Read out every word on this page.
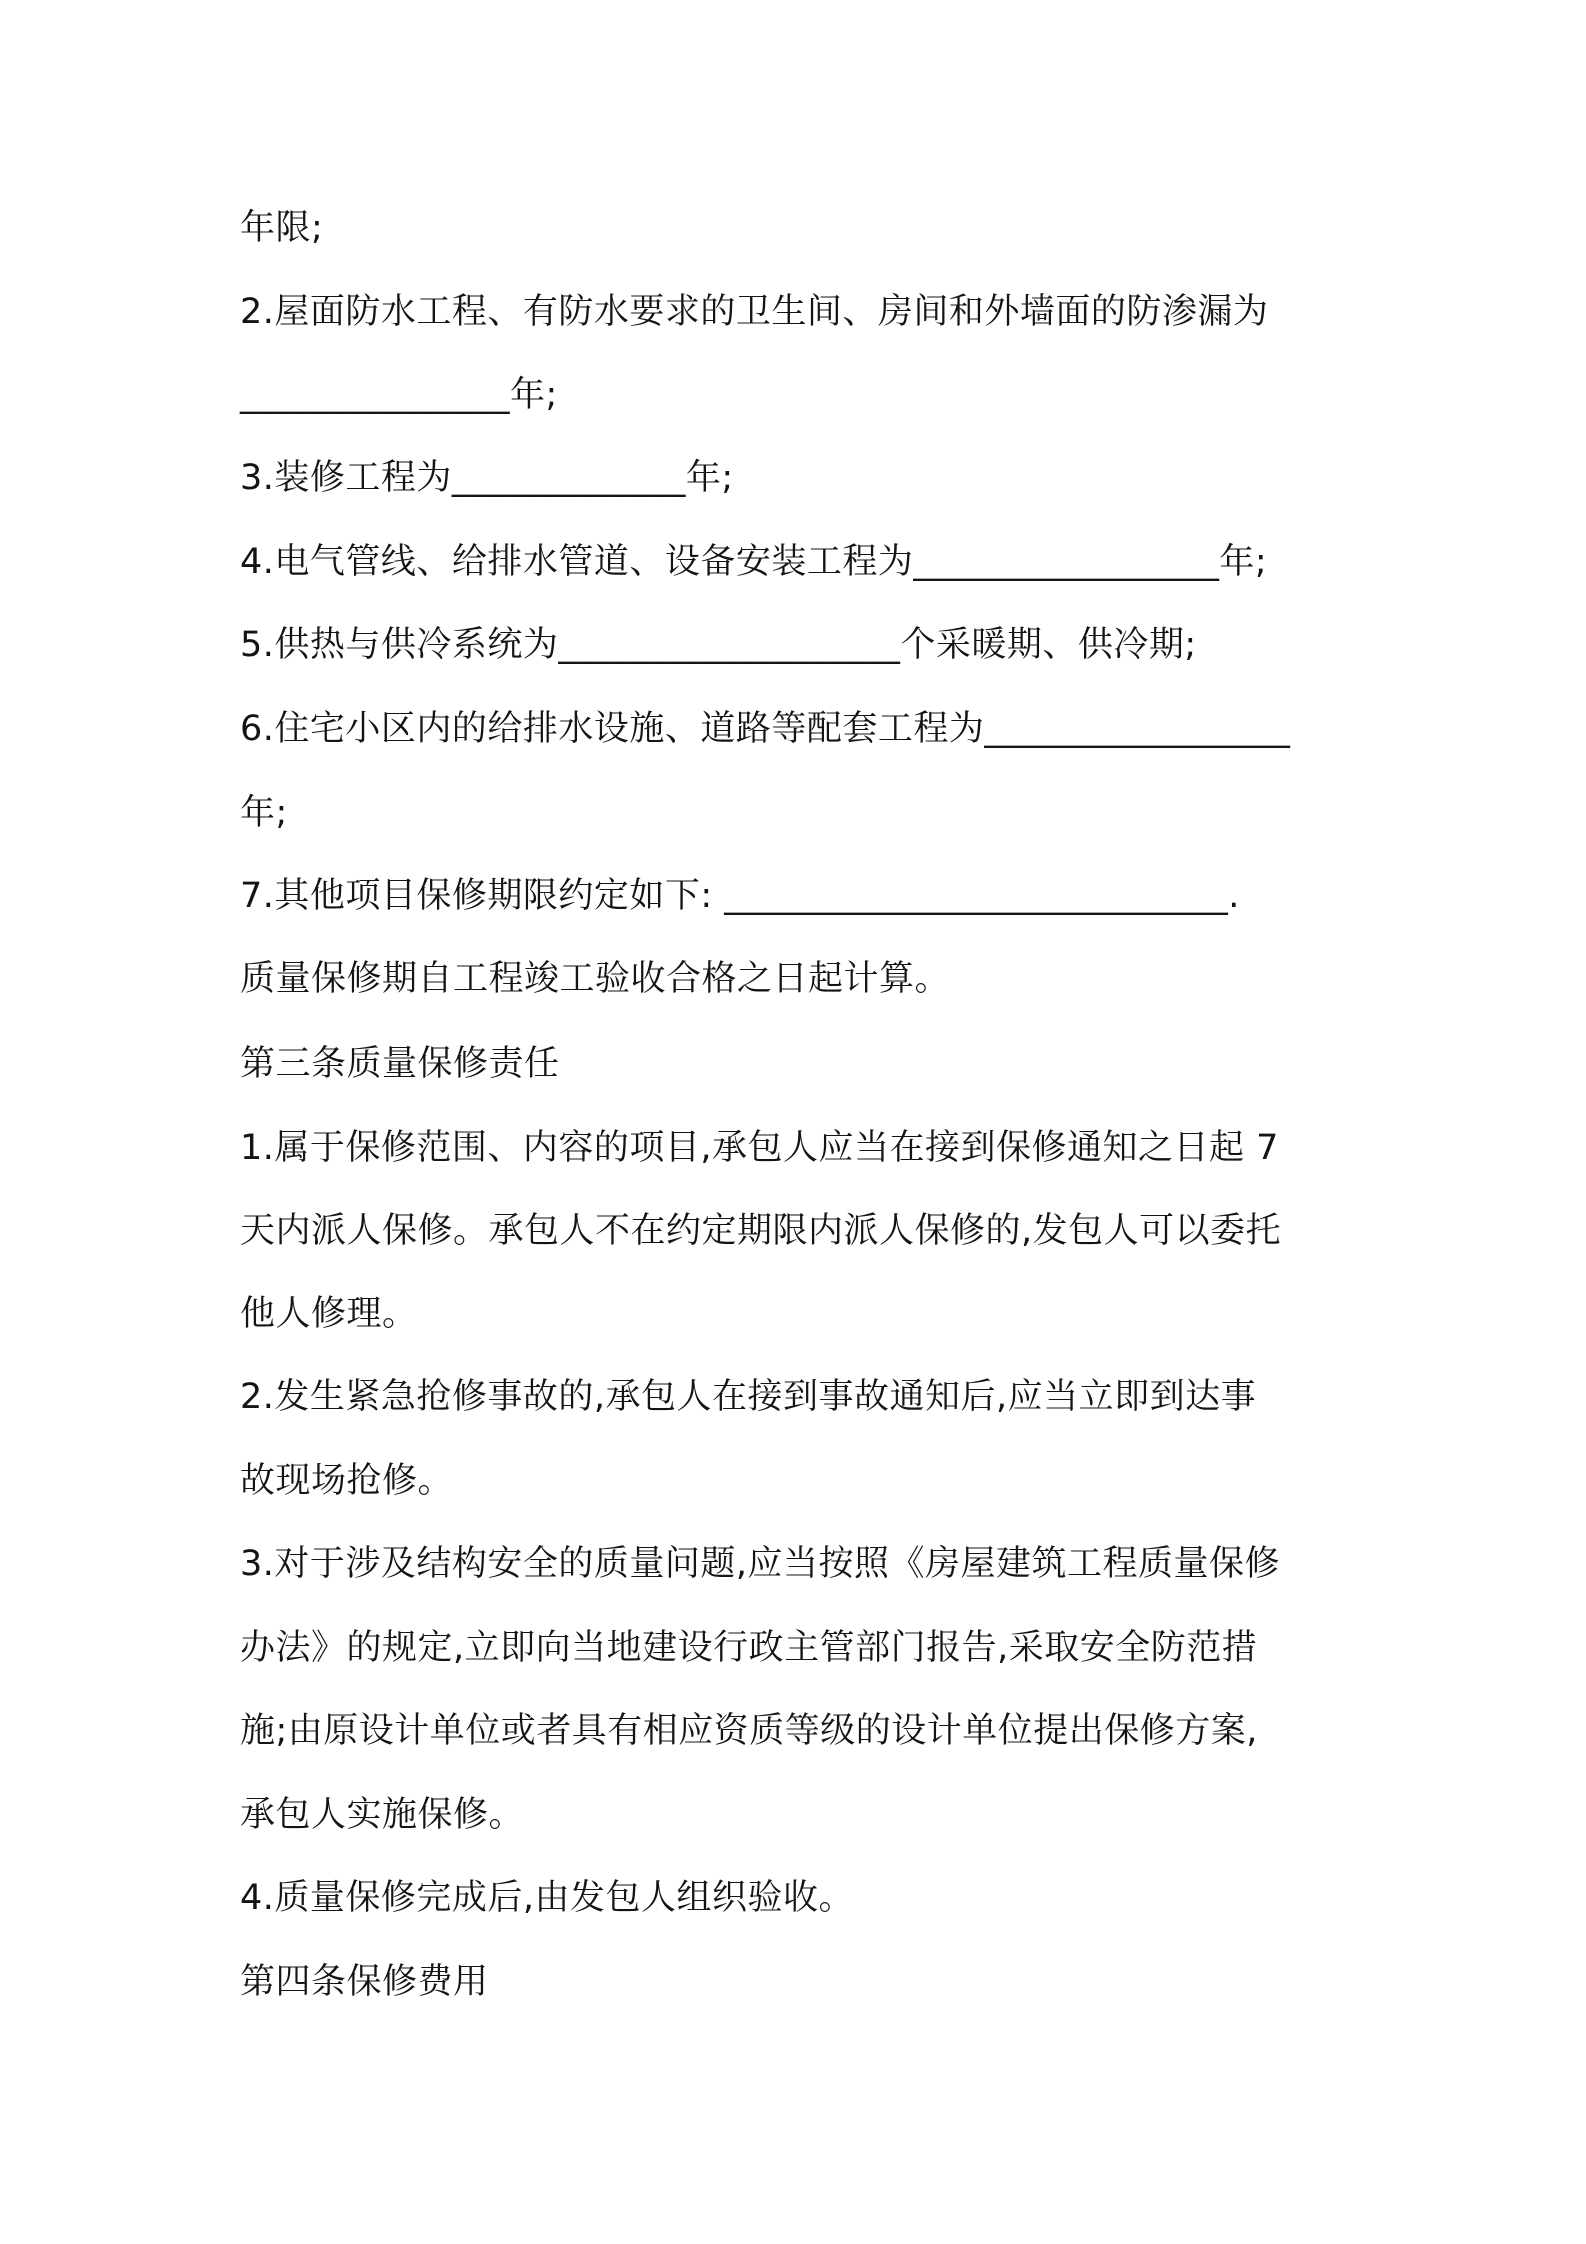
年限;
2.屋面防水工程、有防水要求的卫生间、房间和外墙面的防渗漏为
_______________年;
3.装修工程为_____________年;
4.电气管线、给排水管道、设备安装工程为_________________年;
5.供热与供冷系统为___________________个采暖期、供冷期;
6.住宅小区内的给排水设施、道路等配套工程为_________________
年;
7.其他项目保修期限约定如下: ____________________________.
质量保修期自工程竣工验收合格之日起计算。
第三条质量保修责任
1.属于保修范围、内容的项目,承包人应当在接到保修通知之日起 7
天内派人保修。承包人不在约定期限内派人保修的,发包人可以委托
他人修理。
2.发生紧急抢修事故的,承包人在接到事故通知后,应当立即到达事
故现场抢修。
3.对于涉及结构安全的质量问题,应当按照《房屋建筑工程质量保修
办法》的规定,立即向当地建设行政主管部门报告,采取安全防范措
施;由原设计单位或者具有相应资质等级的设计单位提出保修方案,
承包人实施保修。
4.质量保修完成后,由发包人组织验收。
第四条保修费用
